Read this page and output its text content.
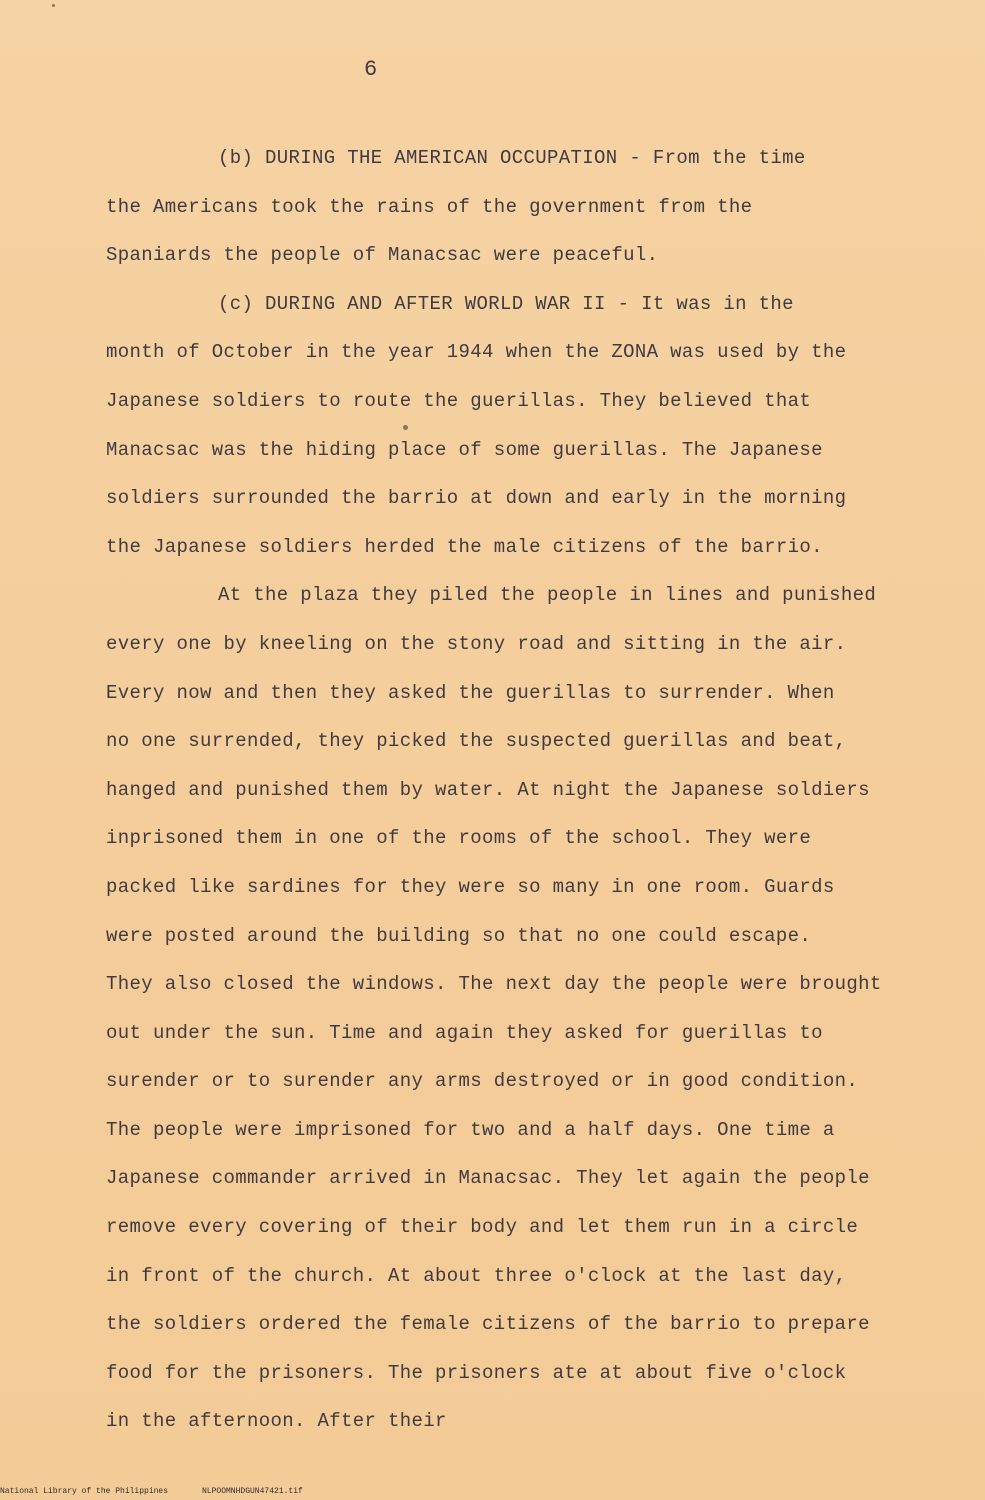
6
(b) DURING THE AMERICAN OCCUPATION - From the time
the Americans took the rains of the government from the
Spaniards the people of Manacsac were peaceful.
(c) DURING AND AFTER WORLD WAR II - It was in the
month of October in the year 1944 when the ZONA was used by the
Japanese soldiers to route the guerillas. They believed that
Manacsac was the hiding place of some guerillas. The Japanese
soldiers surrounded the barrio at down and early in the morning
the Japanese soldiers herded the male citizens of the barrio.
At the plaza they piled the people in lines and punished
every one by kneeling on the stony road and sitting in the air.
Every now and then they asked the guerillas to surrender. When
no one surrended, they picked the suspected guerillas and beat,
hanged and punished them by water. At night the Japanese soldiers
inprisoned them in one of the rooms of the school. They were
packed like sardines for they were so many in one room. Guards
were posted around the building so that no one could escape.
They also closed the windows. The next day the people were brought
out under the sun. Time and again they asked for guerillas to
surender or to surender any arms destroyed or in good condition.
The people were imprisoned for two and a half days. One time a
Japanese commander arrived in Manacsac. They let again the people
remove every covering of their body and let them run in a circle
in front of the church. At about three o'clock at the last day,
the soldiers ordered the female citizens of the barrio to prepare
food for the prisoners. The prisoners ate at about five o'clock
in the afternoon. After their
National Library of the Philippines	NLPOOMNHDGUN47421.tif
